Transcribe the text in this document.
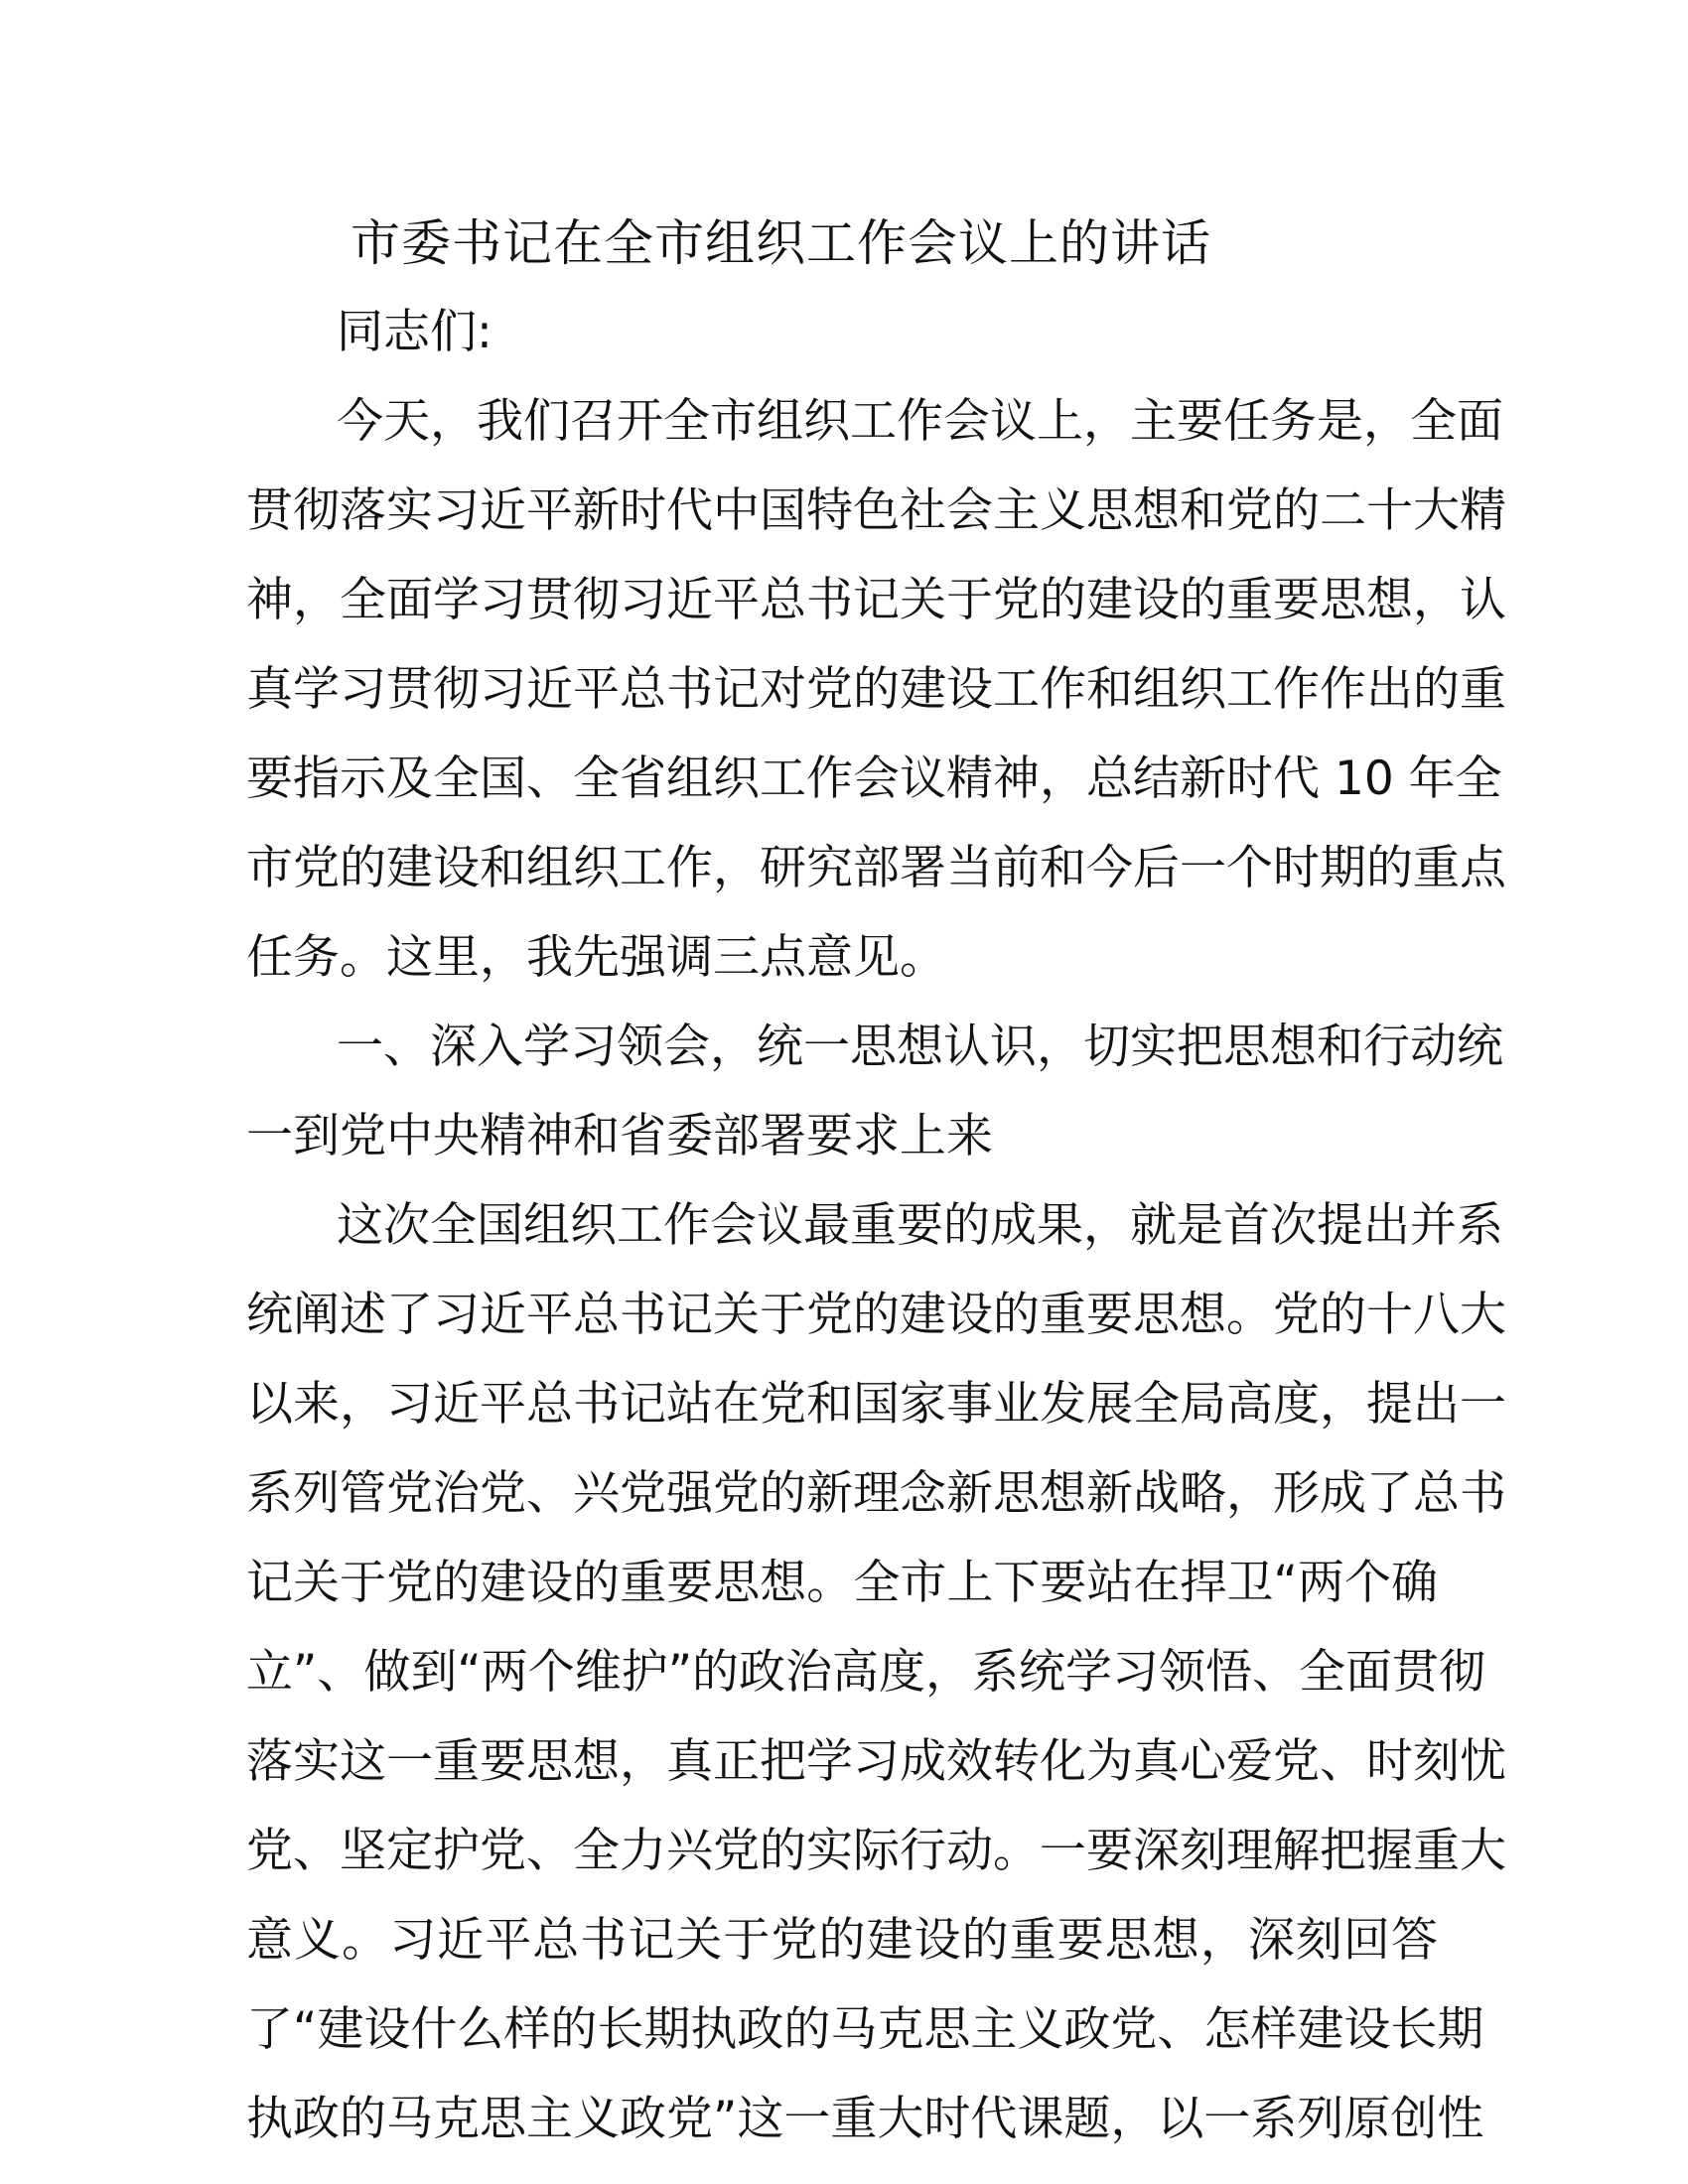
市委书记在全市组织工作会议上的讲话
同志们:
今天，我们召开全市组织工作会议上，主要任务是，全面
贯彻落实习近平新时代中国特色社会主义思想和党的二十大精
神，全面学习贯彻习近平总书记关于党的建设的重要思想，认
真学习贯彻习近平总书记对党的建设工作和组织工作作出的重
要指示及全国、全省组织工作会议精神，总结新时代 10 年全
市党的建设和组织工作，研究部署当前和今后一个时期的重点
任务。这里，我先强调三点意见。
一、深入学习领会，统一思想认识，切实把思想和行动统
一到党中央精神和省委部署要求上来
这次全国组织工作会议最重要的成果，就是首次提出并系
统阐述了习近平总书记关于党的建设的重要思想。党的十八大
以来，习近平总书记站在党和国家事业发展全局高度，提出一
系列管党治党、兴党强党的新理念新思想新战略，形成了总书
记关于党的建设的重要思想。全市上下要站在捍卫“两个确
立”、做到“两个维护”的政治高度，系统学习领悟、全面贯彻
落实这一重要思想，真正把学习成效转化为真心爱党、时刻忧
党、坚定护党、全力兴党的实际行动。一要深刻理解把握重大
意义。习近平总书记关于党的建设的重要思想，深刻回答
了“建设什么样的长期执政的马克思主义政党、怎样建设长期
执政的马克思主义政党”这一重大时代课题，以一系列原创性
